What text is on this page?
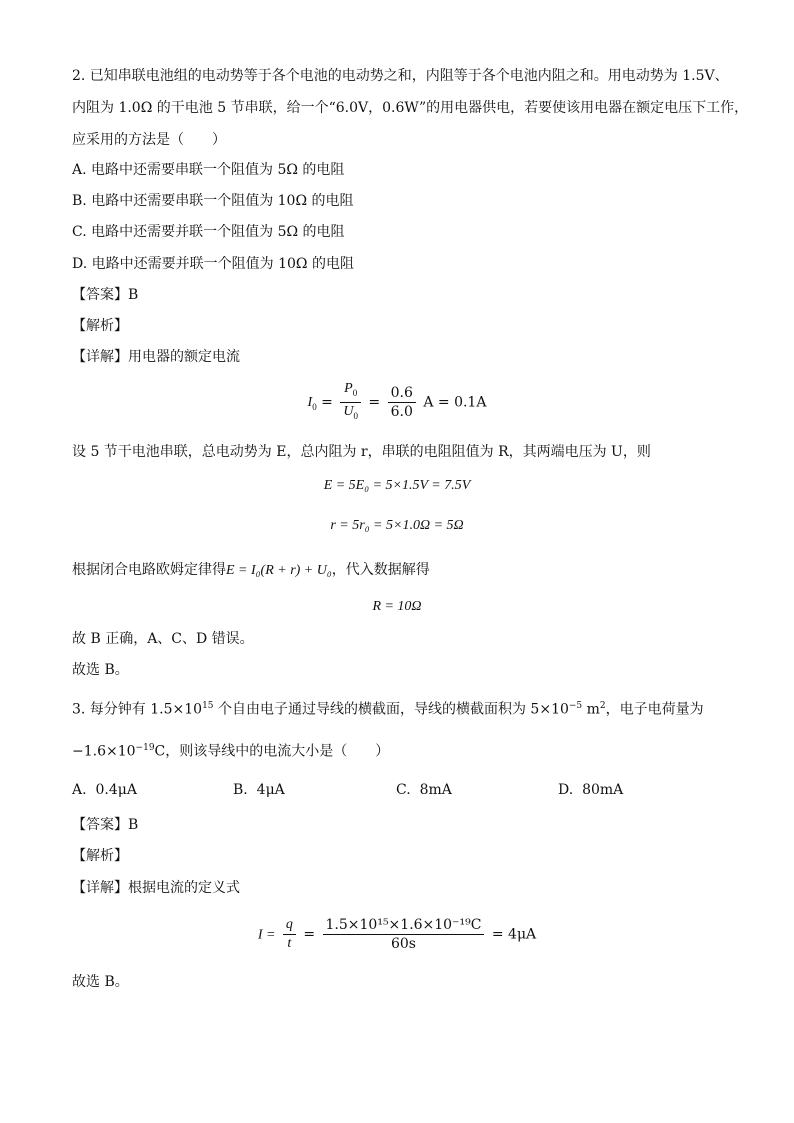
2. 已知串联电池组的电动势等于各个电池的电动势之和，内阻等于各个电池内阻之和。用电动势为 1.5V、
内阻为 1.0Ω 的干电池 5 节串联，给一个“6.0V，0.6W”的用电器供电，若要使该用电器在额定电压下工作，
应采用的方法是（　　）
A. 电路中还需要串联一个阻值为 5Ω 的电阻
B. 电路中还需要串联一个阻值为 10Ω 的电阻
C. 电路中还需要并联一个阻值为 5Ω 的电阻
D. 电路中还需要并联一个阻值为 10Ω 的电阻
【答案】B
【解析】
【详解】用电器的额定电流
$I_0 = \frac{P_0}{U_0} = \frac{0.6}{6.0}$ A = 0.1A
设 5 节干电池串联，总电动势为 E，总内阻为 r，串联的电阻阻值为 R，其两端电压为 U，则
E = 5E₀ = 5×1.5V = 7.5V
r = 5r₀ = 5×1.0Ω = 5Ω
根据闭合电路欧姆定律得E = I₀(R + r) + U₀，代入数据解得
R = 10Ω
故 B 正确，A、C、D 错误。
故选 B。
3. 每分钟有 $1.5\times 10^{15}$ 个自由电子通过导线的横截面，导线的横截面积为 $5\times 10^{-5}$ $m^2$，电子电荷量为
$-1.6\times 10^{-19}C$，则该导线中的电流大小是（　　）
A. 0.4μA	B. 4μA	C. 8mA	D. 80mA
【答案】B
【解析】
【详解】根据电流的定义式
$I = \frac{q}{t} = \frac{\text{1.5×10¹⁵×1.6×10⁻¹⁹C}}{60s} = 4\mu A$
故选 B。
